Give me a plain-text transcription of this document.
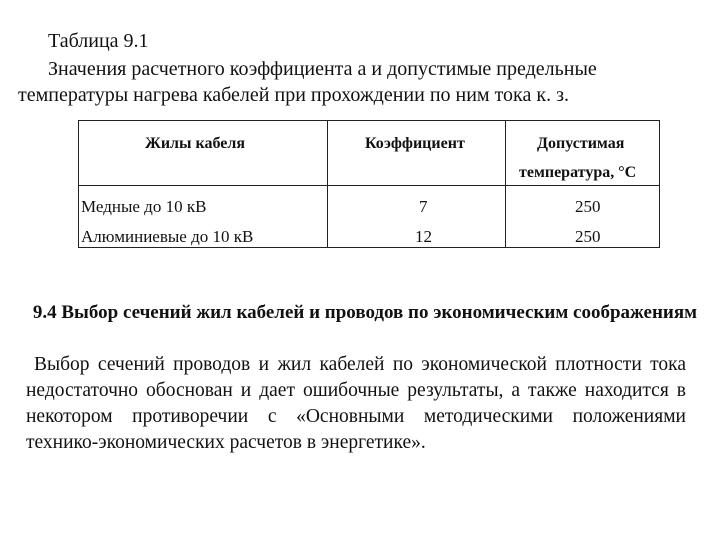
Таблица 9.1
Значения расчетного коэффициента а и допустимые предельные
температуры нагрева кабелей при прохождении по ним тока к. з.
Жилы кабеля	Коэффициент	Допустимая
температура, °С
Медные до 10 кВ	7	250
Алюминиевые до 10 кВ	12	250
9.4 Выбор сечений жил кабелей и проводов по экономическим соображениям
Выбор сечений проводов и жил кабелей по экономической плотности тока недостаточно обоснован и дает ошибочные результаты, а также находится в некотором противоречии с «Основными методическими положениями технико-экономических расчетов в энергетике».
